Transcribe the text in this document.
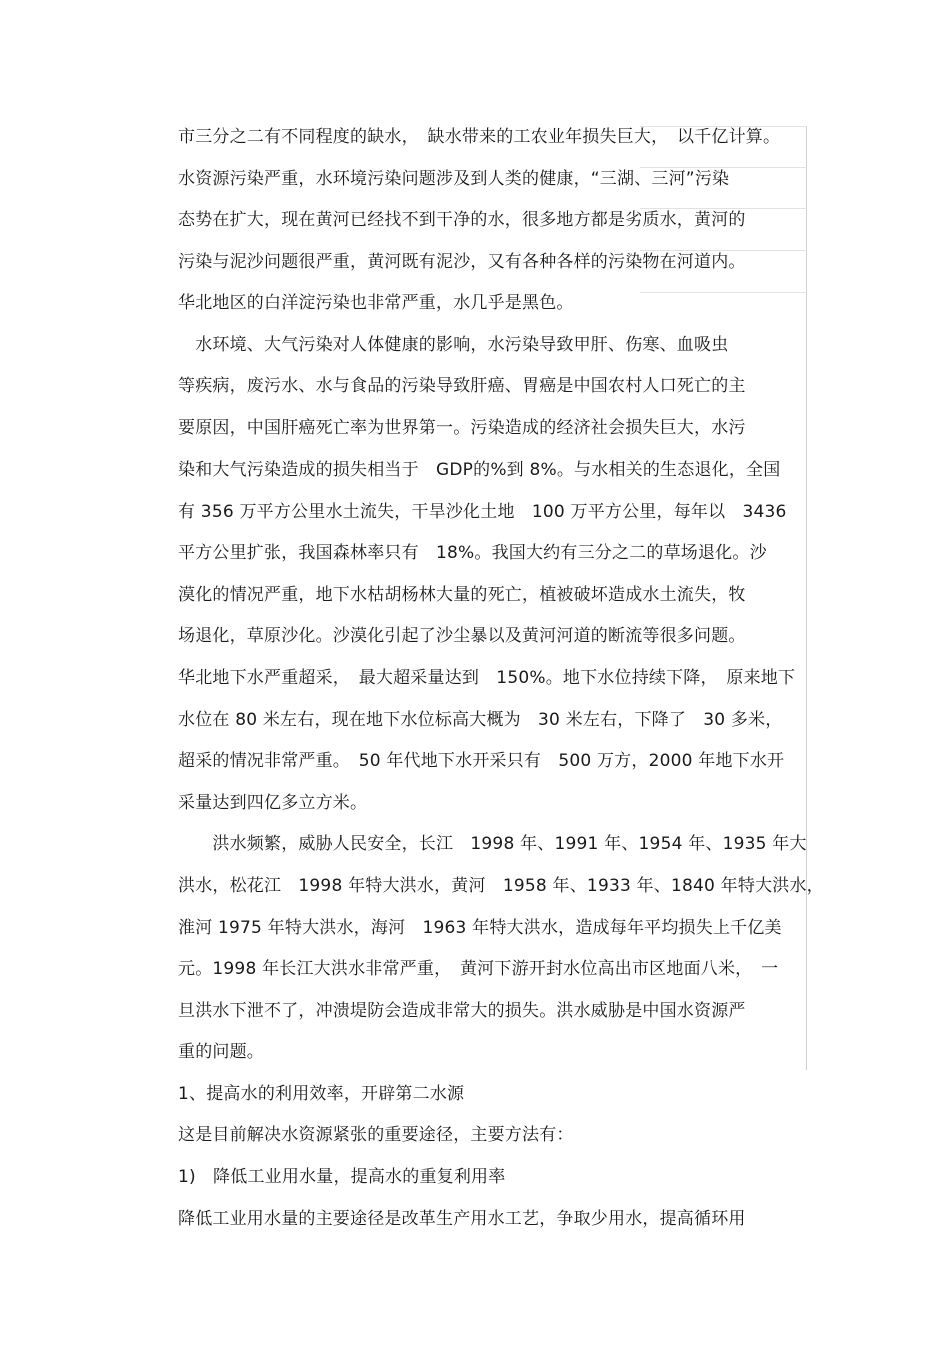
市三分之二有不同程度的缺水，　缺水带来的工农业年损失巨大，　以千亿计算。
水资源污染严重，水环境污染问题涉及到人类的健康，“三湖、三河”污染
态势在扩大，现在黄河已经找不到干净的水，很多地方都是劣质水，黄河的
污染与泥沙问题很严重，黄河既有泥沙，又有各种各样的污染物在河道内。
华北地区的白洋淀污染也非常严重，水几乎是黑色。
　水环境、大气污染对人体健康的影响，水污染导致甲肝、伤寒、血吸虫
等疾病，废污水、水与食品的污染导致肝癌、胃癌是中国农村人口死亡的主
要原因，中国肝癌死亡率为世界第一。污染造成的经济社会损失巨大，水污
染和大气污染造成的损失相当于　GDP的%到 8%。与水相关的生态退化，全国
有 356 万平方公里水土流失，干旱沙化土地　100 万平方公里，每年以　3436
平方公里扩张，我国森林率只有　18%。我国大约有三分之二的草场退化。沙
漠化的情况严重，地下水枯胡杨林大量的死亡，植被破坏造成水土流失，牧
场退化，草原沙化。沙漠化引起了沙尘暴以及黄河河道的断流等很多问题。
华北地下水严重超采，　最大超采量达到　150%。地下水位持续下降，　原来地下
水位在 80 米左右，现在地下水位标高大概为　30 米左右，下降了　30 多米，
超采的情况非常严重。　50 年代地下水开采只有　500 万方，2000 年地下水开
采量达到四亿多立方米。
　　洪水频繁，威胁人民安全，长江　1998 年、1991 年、1954 年、1935 年大
洪水，松花江　1998 年特大洪水，黄河　1958 年、1933 年、1840 年特大洪水，
淮河 1975 年特大洪水，海河　1963 年特大洪水，造成每年平均损失上千亿美
元。1998 年长江大洪水非常严重，　黄河下游开封水位高出市区地面八米，　一
旦洪水下泄不了，冲溃堤防会造成非常大的损失。洪水威胁是中国水资源严
重的问题。
1、提高水的利用效率，开辟第二水源
这是目前解决水资源紧张的重要途径，主要方法有：
1)　降低工业用水量，提高水的重复利用率
降低工业用水量的主要途径是改革生产用水工艺，争取少用水，提高循环用
